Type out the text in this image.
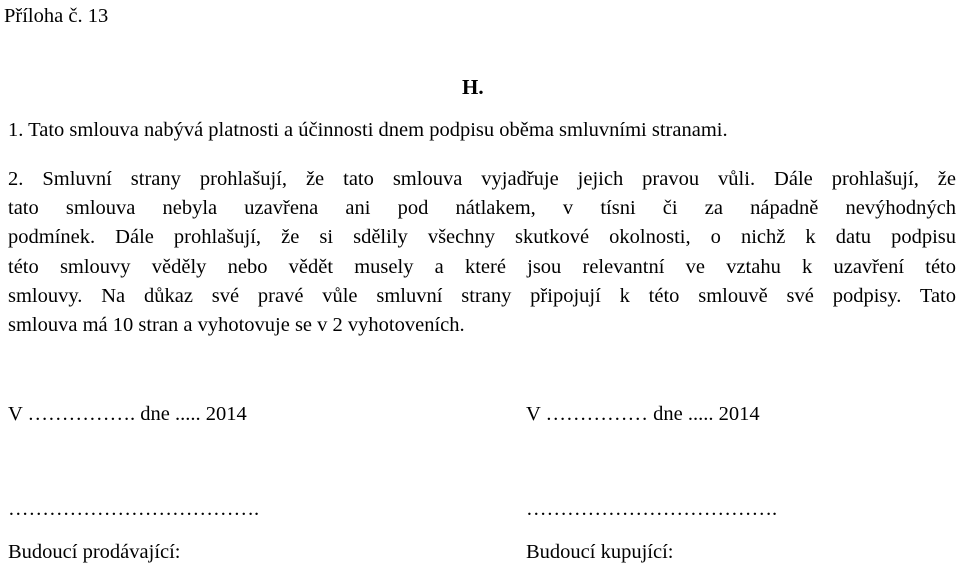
Příloha č. 13
H.
1. Tato smlouva nabývá platnosti a účinnosti dnem podpisu oběma smluvními stranami.
2. Smluvní strany prohlašují, že tato smlouva vyjadřuje jejich pravou vůli. Dále prohlašují, že
tato smlouva nebyla uzavřena ani pod nátlakem, v tísni či za nápadně nevýhodných
podmínek. Dále prohlašují, že si sdělily všechny skutkové okolnosti, o nichž k datu podpisu
této smlouvy věděly nebo vědět musely a které jsou relevantní ve vztahu k uzavření této
smlouvy. Na důkaz své pravé vůle smluvní strany připojují k této smlouvě své podpisy. Tato
smlouva má 10 stran a vyhotovuje se v 2 vyhotoveních.
V ……………. dne ..... 2014	V …………… dne ..... 2014
……………………………….	……………………………….
Budoucí prodávající:	Budoucí kupující:
